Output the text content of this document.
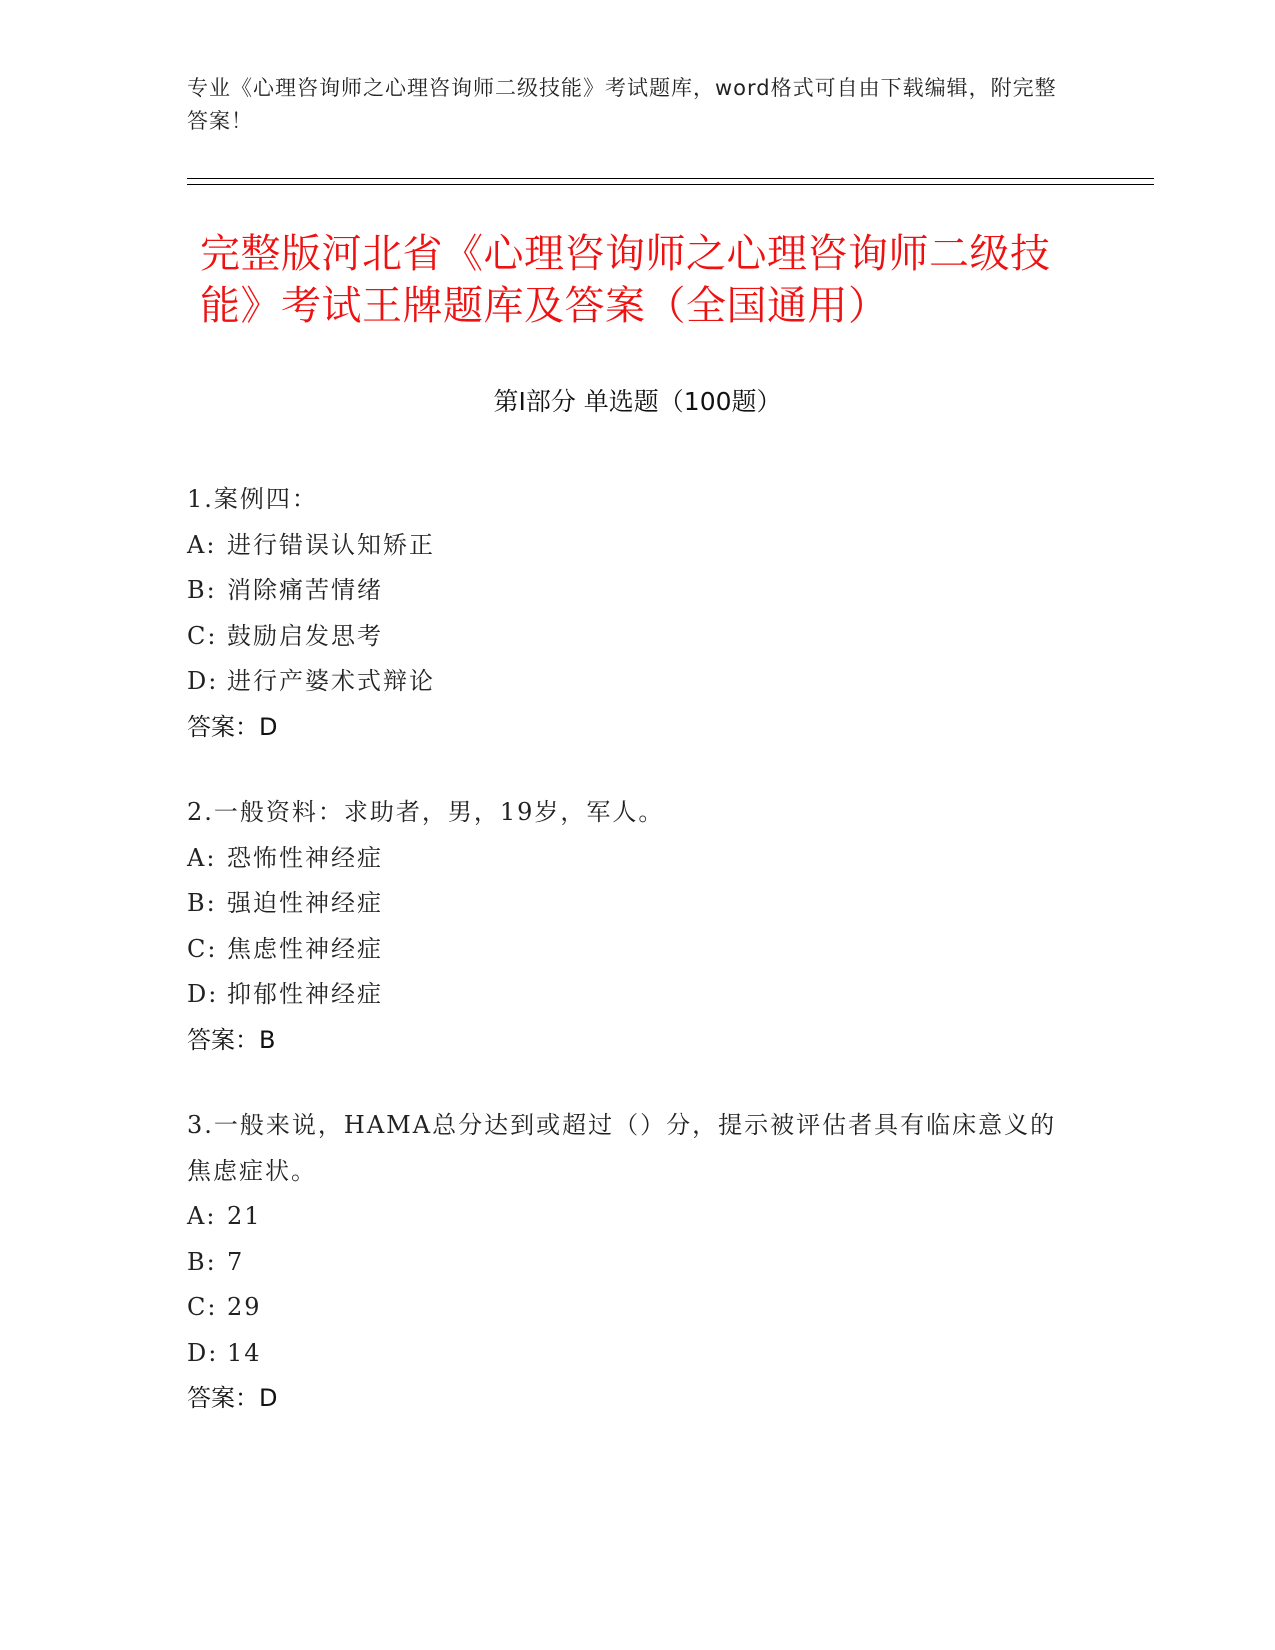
专业《心理咨询师之心理咨询师二级技能》考试题库，word格式可自由下载编辑，附完整答案！
完整版河北省《心理咨询师之心理咨询师二级技能》考试王牌题库及答案（全国通用）
第Ⅰ部分 单选题（100题）
1.案例四：
A: 进行错误认知矫正
B: 消除痛苦情绪
C: 鼓励启发思考
D: 进行产婆术式辩论
答案：D
2.一般资料：求助者，男，19岁，军人。
A: 恐怖性神经症
B: 强迫性神经症
C: 焦虑性神经症
D: 抑郁性神经症
答案：B
3.一般来说，HAMA总分达到或超过（）分，提示被评估者具有临床意义的焦虑症状。
A: 21
B: 7
C: 29
D: 14
答案：D
